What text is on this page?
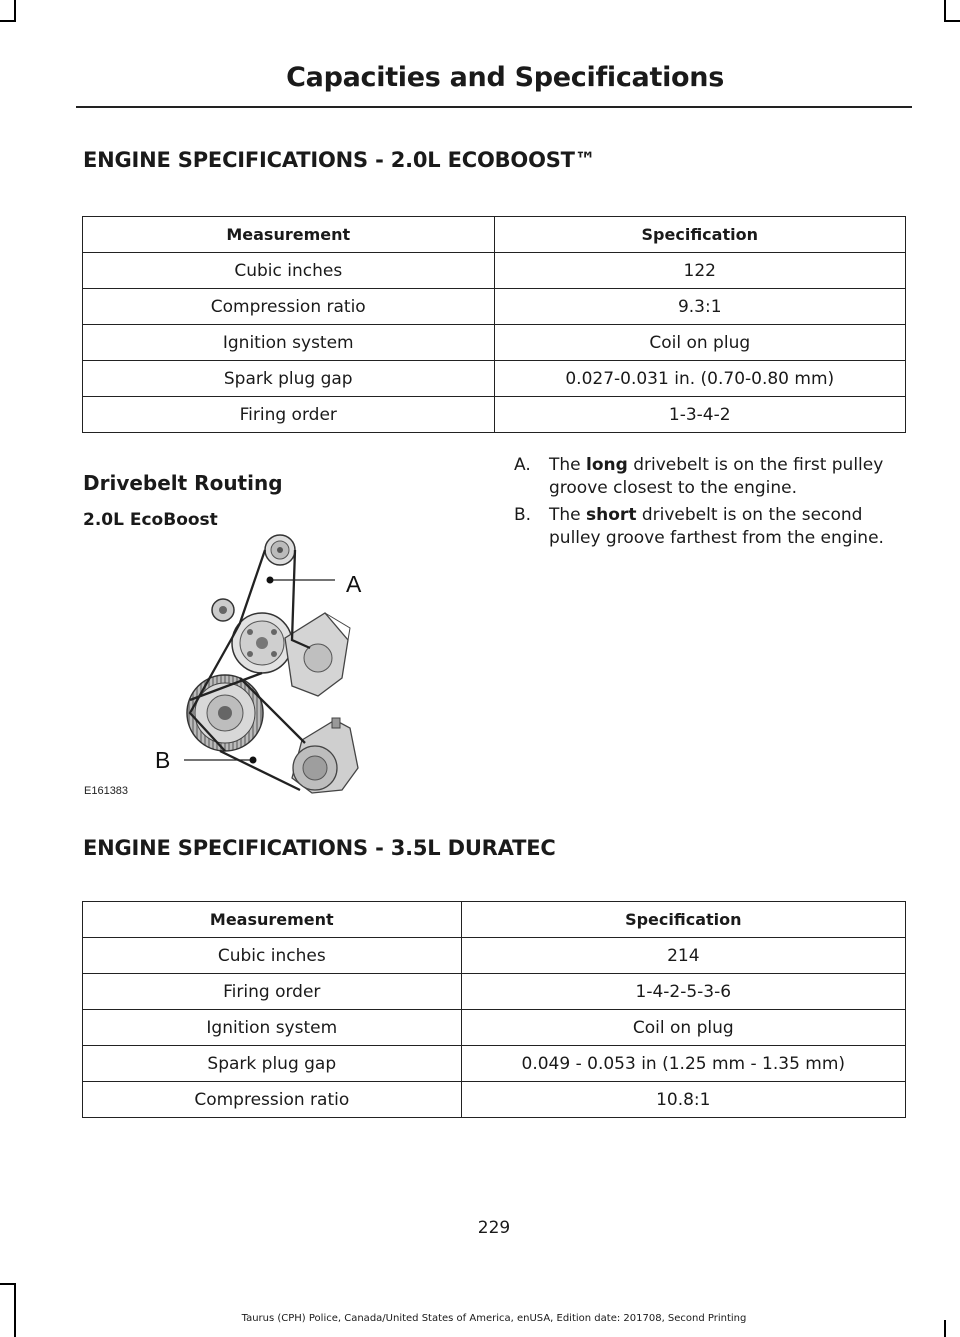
Capacities and Specifications
ENGINE SPECIFICATIONS - 2.0L ECOBOOST™
Measurement	Specification
Cubic inches	122
Compression ratio	9.3:1
Ignition system	Coil on plug
Spark plug gap	0.027-0.031 in. (0.70-0.80 mm)
Firing order	1-3-4-2
Drivebelt Routing
2.0L EcoBoost
A. The long drivebelt is on the first pulley groove closest to the engine.
B. The short drivebelt is on the second pulley groove farthest from the engine.
A
B
E161383
ENGINE SPECIFICATIONS - 3.5L DURATEC
Measurement	Specification
Cubic inches	214
Firing order	1-4-2-5-3-6
Ignition system	Coil on plug
Spark plug gap	0.049 - 0.053 in (1.25 mm - 1.35 mm)
Compression ratio	10.8:1
229
Taurus (CPH) Police, Canada/United States of America, enUSA, Edition date: 201708, Second Printing
